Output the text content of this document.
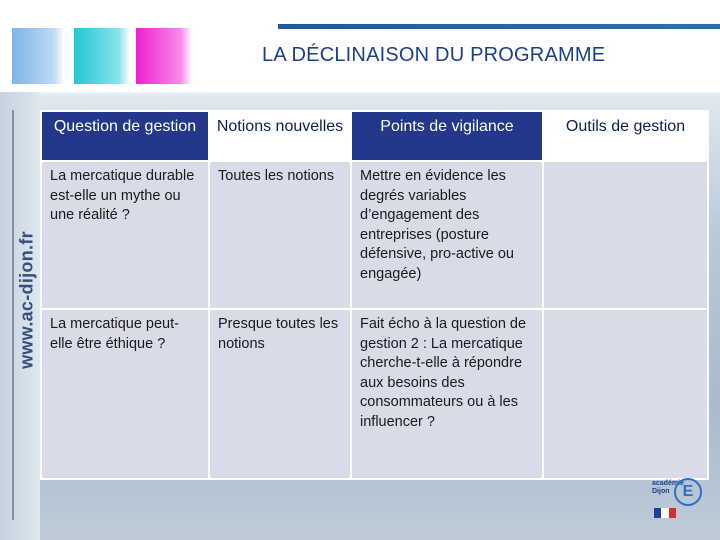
LA DÉCLINAISON DU PROGRAMME
www.ac-dijon.fr
Question de gestion	Notions nouvelles	Points de vigilance	Outils de gestion
La mercatique durable est-elle un mythe ou une réalité ?	Toutes les notions	Mettre en évidence les degrés variables d’engagement des entreprises (posture défensive, pro-active ou engagée)	
La mercatique peut-elle être éthique ?	Presque toutes les notions	Fait écho à la question de gestion 2 : La mercatique cherche-t-elle à répondre aux besoins des consommateurs ou à les influencer ?	
académie
Dijon E
